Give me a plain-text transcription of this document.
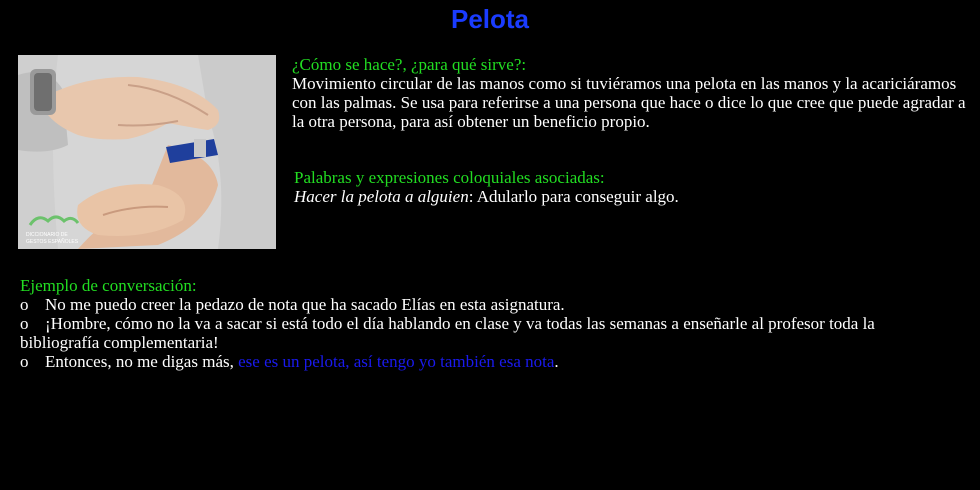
Pelota
DICCIONARIO DE
GESTOS ESPAÑOLES

¿Cómo se hace?, ¿para qué sirve?:

Movimiento circular de las manos como si tuviéramos una pelota en las manos y la acariciáramos con las palmas. Se usa para referirse a una persona que hace o dice lo que cree que puede agradar a la otra persona, para así obtener un beneficio propio.

Palabras y expresiones coloquiales asociadas:

Hacer la pelota a alguien: Adularlo para conseguir algo.

Ejemplo de conversación:

o No me puedo creer la pedazo de nota que ha sacado Elías en esta asignatura.

o ¡Hombre, cómo no la va a sacar si está todo el día hablando en clase y va todas las semanas a enseñarle al profesor toda la bibliografía complementaria!

o Entonces, no me digas más, ese es un pelota, así tengo yo también esa nota.
